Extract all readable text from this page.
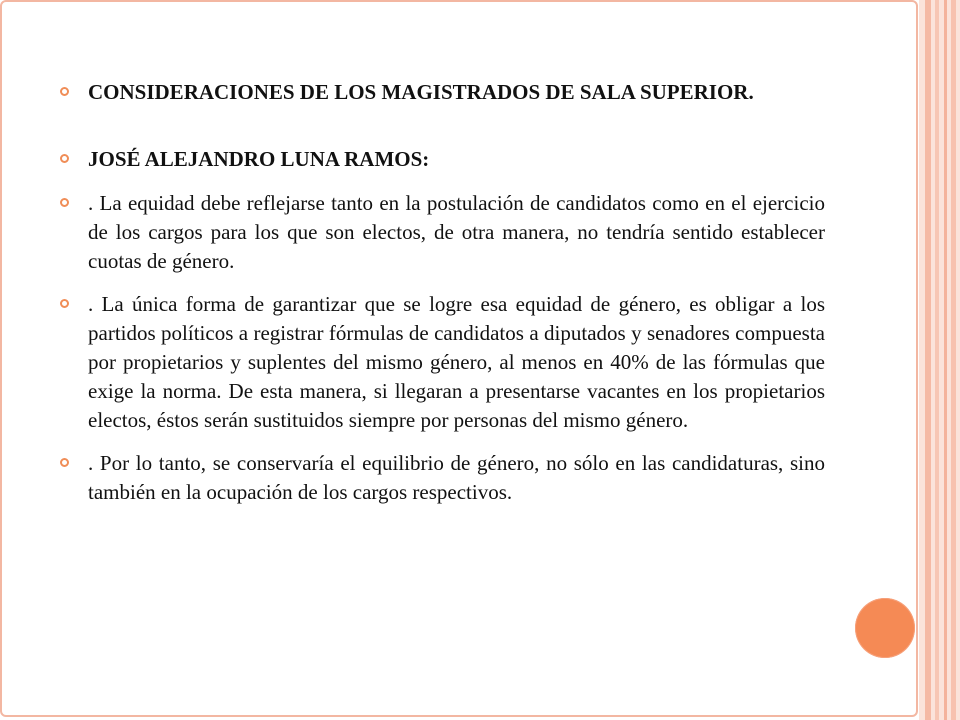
CONSIDERACIONES DE LOS MAGISTRADOS DE SALA SUPERIOR.
JOSÉ ALEJANDRO LUNA RAMOS:
. La equidad debe reflejarse tanto en la postulación de candidatos como en el ejercicio de los cargos para los que son electos, de otra manera, no tendría sentido establecer cuotas de género.
. La única forma de garantizar que se logre esa equidad de género, es obligar a los partidos políticos a registrar fórmulas de candidatos a diputados y senadores compuesta por propietarios y suplentes del mismo género, al menos en 40% de las fórmulas que exige la norma. De esta manera, si llegaran a presentarse vacantes en los propietarios electos, éstos serán sustituidos siempre por personas del mismo género.
. Por lo tanto, se conservaría el equilibrio de género, no sólo en las candidaturas, sino también en la ocupación de los cargos respectivos.
